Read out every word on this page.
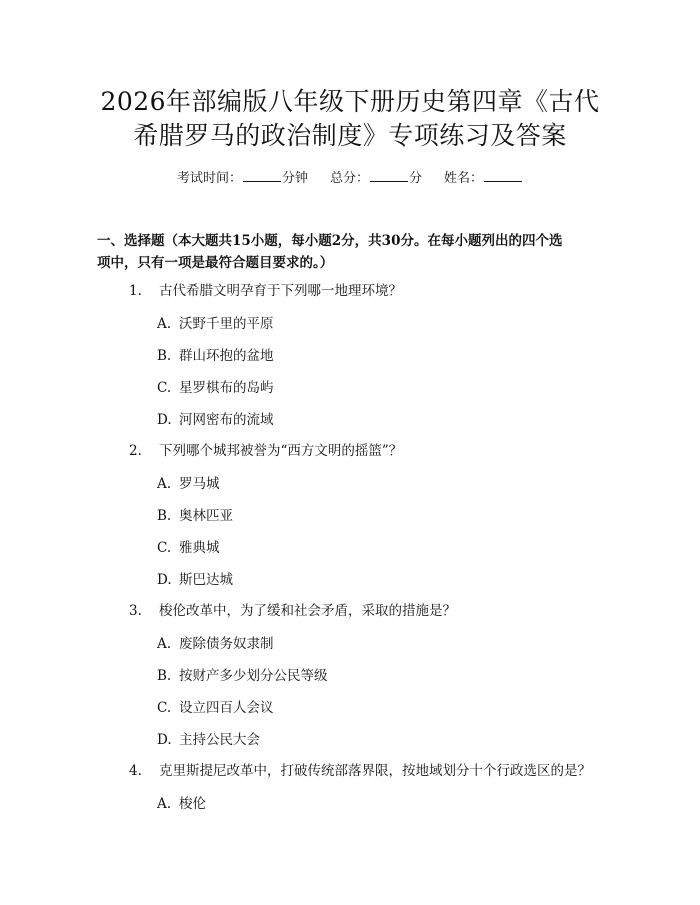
2026年部编版八年级下册历史第四章《古代
希腊罗马的政治制度》专项练习及答案
考试时间：	分钟 总分：	分 姓名：
一、选择题（本大题共15小题，每小题2分，共30分。在每小题列出的四个选
项中，只有一项是最符合题目要求的。）
1. 古代希腊文明孕育于下列哪一地理环境？
A. 沃野千里的平原
B. 群山环抱的盆地
C. 星罗棋布的岛屿
D. 河网密布的流域
2. 下列哪个城邦被誉为“西方文明的摇篮”？
A. 罗马城
B. 奥林匹亚
C. 雅典城
D. 斯巴达城
3. 梭伦改革中，为了缓和社会矛盾，采取的措施是？
A. 废除债务奴隶制
B. 按财产多少划分公民等级
C. 设立四百人会议
D. 主持公民大会
4. 克里斯提尼改革中，打破传统部落界限，按地域划分十个行政选区的是？
A. 梭伦
